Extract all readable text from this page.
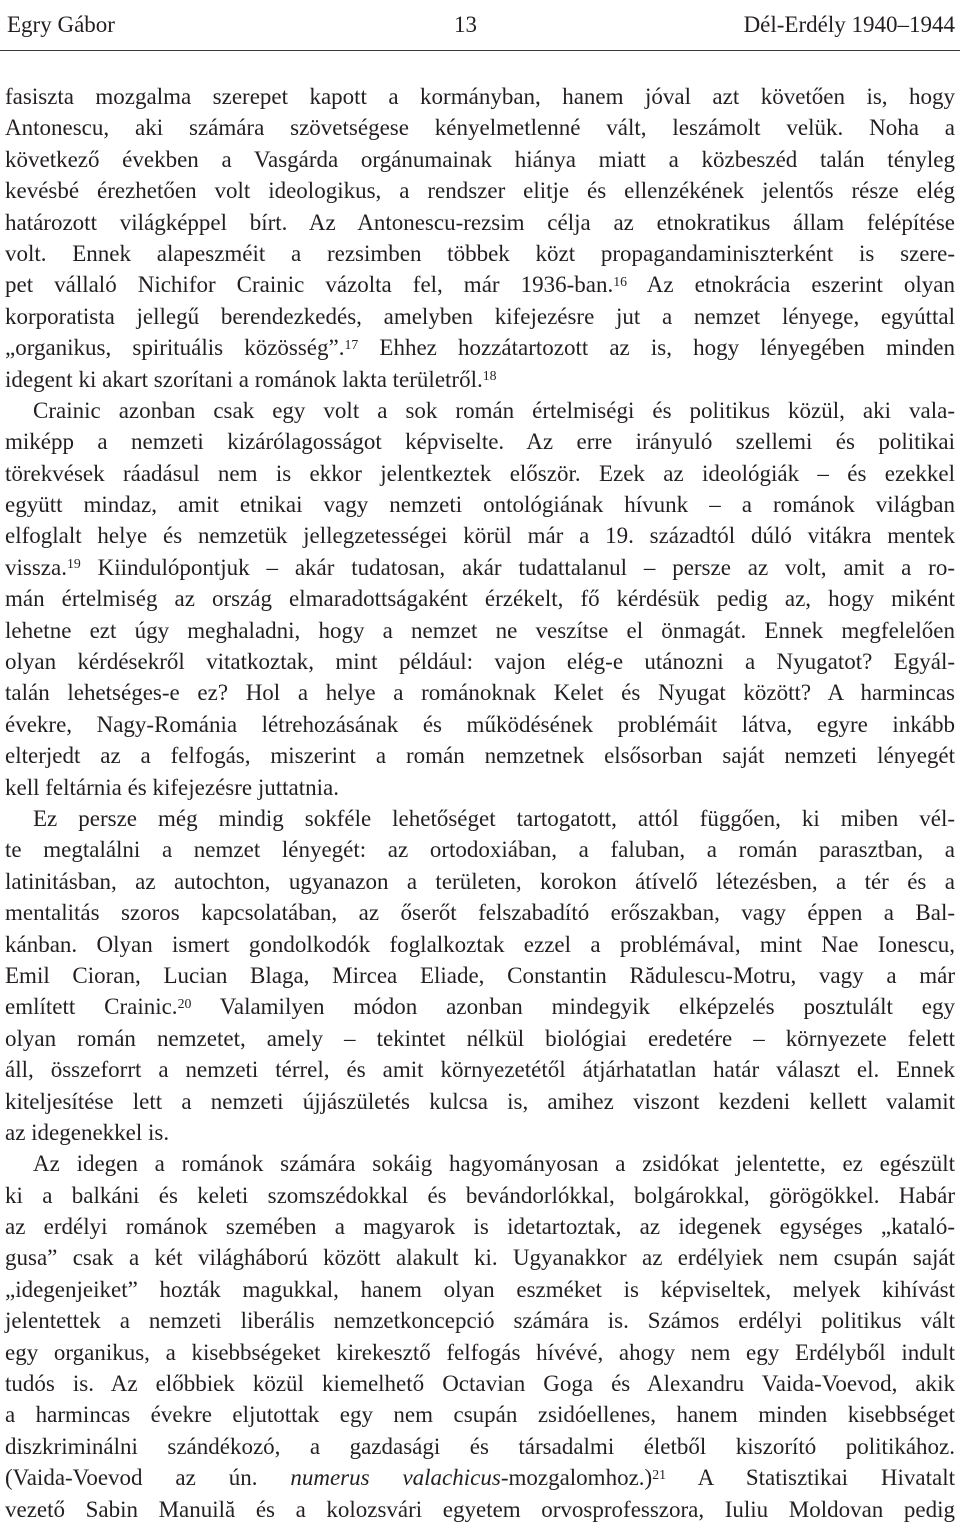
Egry Gábor	13	Dél-Erdély 1940–1944
fasiszta mozgalma szerepet kapott a kormányban, hanem jóval azt követően is, hogy
Antonescu, aki számára szövetségese kényelmetlenné vált, leszámolt velük. Noha a
következő években a Vasgárda orgánumainak hiánya miatt a közbeszéd talán tényleg
kevésbé érezhetően volt ideologikus, a rendszer elitje és ellenzékének jelentős része elég
határozott világképpel bírt. Az Antonescu-rezsim célja az etnokratikus állam felépítése
volt. Ennek alapeszméit a rezsimben többek közt propagandaminiszterként is szere-
pet vállaló Nichifor Crainic vázolta fel, már 1936-ban.$^{16}$ Az etnokrácia eszerint olyan
korporatista jellegű berendezkedés, amelyben kifejezésre jut a nemzet lényege, egyúttal
„organikus, spirituális közösség”.$^{17}$ Ehhez hozzátartozott az is, hogy lényegében minden
idegent ki akart szorítani a románok lakta területről.$^{18}$
Crainic azonban csak egy volt a sok román értelmiségi és politikus közül, aki vala-
miképp a nemzeti kizárólagosságot képviselte. Az erre irányuló szellemi és politikai
törekvések ráadásul nem is ekkor jelentkeztek először. Ezek az ideológiák – és ezekkel
együtt mindaz, amit etnikai vagy nemzeti ontológiának hívunk – a románok világban
elfoglalt helye és nemzetük jellegzetességei körül már a 19. századtól dúló vitákra mentek
vissza.$^{19}$ Kiindulópontjuk – akár tudatosan, akár tudattalanul – persze az volt, amit a ro-
mán értelmiség az ország elmaradottságaként érzékelt, fő kérdésük pedig az, hogy miként
lehetne ezt úgy meghaladni, hogy a nemzet ne veszítse el önmagát. Ennek megfelelően
olyan kérdésekről vitatkoztak, mint például: vajon elég-e utánozni a Nyugatot? Egyál-
talán lehetséges-e ez? Hol a helye a románoknak Kelet és Nyugat között? A harmincas
évekre, Nagy-Románia létrehozásának és működésének problémáit látva, egyre inkább
elterjedt az a felfogás, miszerint a román nemzetnek elsősorban saját nemzeti lényegét
kell feltárnia és kifejezésre juttatnia.
Ez persze még mindig sokféle lehetőséget tartogatott, attól függően, ki miben vél-
te megtalálni a nemzet lényegét: az ortodoxiában, a faluban, a román parasztban, a
latinitásban, az autochton, ugyanazon a területen, korokon átívelő létezésben, a tér és a
mentalitás szoros kapcsolatában, az őserőt felszabadító erőszakban, vagy éppen a Bal-
kánban. Olyan ismert gondolkodók foglalkoztak ezzel a problémával, mint Nae Ionescu,
Emil Cioran, Lucian Blaga, Mircea Eliade, Constantin Rădulescu-Motru, vagy a már
említett Crainic.$^{20}$ Valamilyen módon azonban mindegyik elképzelés posztulált egy
olyan román nemzetet, amely – tekintet nélkül biológiai eredetére – környezete felett
áll, összeforrt a nemzeti térrel, és amit környezetétől átjárhatatlan határ választ el. Ennek
kiteljesítése lett a nemzeti újjászületés kulcsa is, amihez viszont kezdeni kellett valamit
az idegenekkel is.
Az idegen a románok számára sokáig hagyományosan a zsidókat jelentette, ez egészült
ki a balkáni és keleti szomszédokkal és bevándorlókkal, bolgárokkal, görögökkel. Habár
az erdélyi románok szemében a magyarok is idetartoztak, az idegenek egységes „kataló-
gusa” csak a két világháború között alakult ki. Ugyanakkor az erdélyiek nem csupán saját
„idegenjeiket” hozták magukkal, hanem olyan eszméket is képviseltek, melyek kihívást
jelentettek a nemzeti liberális nemzetkoncepció számára is. Számos erdélyi politikus vált
egy organikus, a kisebbségeket kirekesztő felfogás hívévé, ahogy nem egy Erdélyből indult
tudós is. Az előbbiek közül kiemelhető Octavian Goga és Alexandru Vaida-Voevod, akik
a harmincas évekre eljutottak egy nem csupán zsidóellenes, hanem minden kisebbséget
diszkriminálni szándékozó, a gazdasági és társadalmi életből kiszorító politikához.
(Vaida-Voevod az ún. numerus valachicus-mozgalomhoz.)$^{21}$ A Statisztikai Hivatalt
vezető Sabin Manuilă és a kolozsvári egyetem orvosprofesszora, Iuliu Moldovan pedig
